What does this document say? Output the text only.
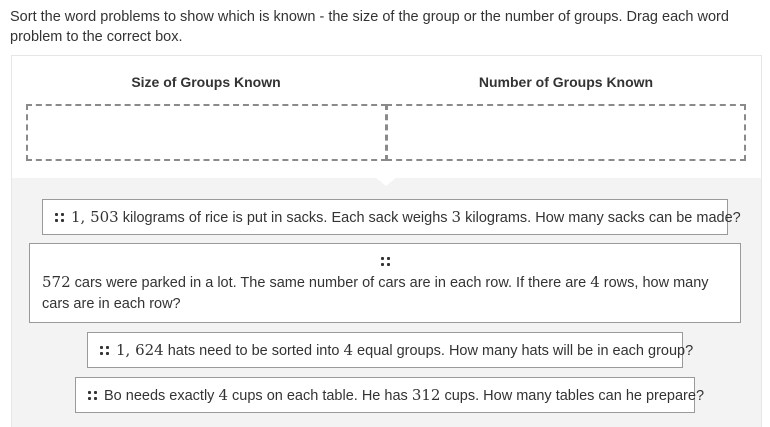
Sort the word problems to show which is known - the size of the group or the number of groups. Drag each word problem to the correct box.
Size of Groups Known	Number of Groups Known
1, 503 kilograms of rice is put in sacks. Each sack weighs 3 kilograms. How many sacks can be made?
572 cars were parked in a lot. The same number of cars are in each row. If there are 4 rows, how many cars are in each row?
1, 624 hats need to be sorted into 4 equal groups. How many hats will be in each group?
Bo needs exactly 4 cups on each table. He has 312 cups. How many tables can he prepare?
